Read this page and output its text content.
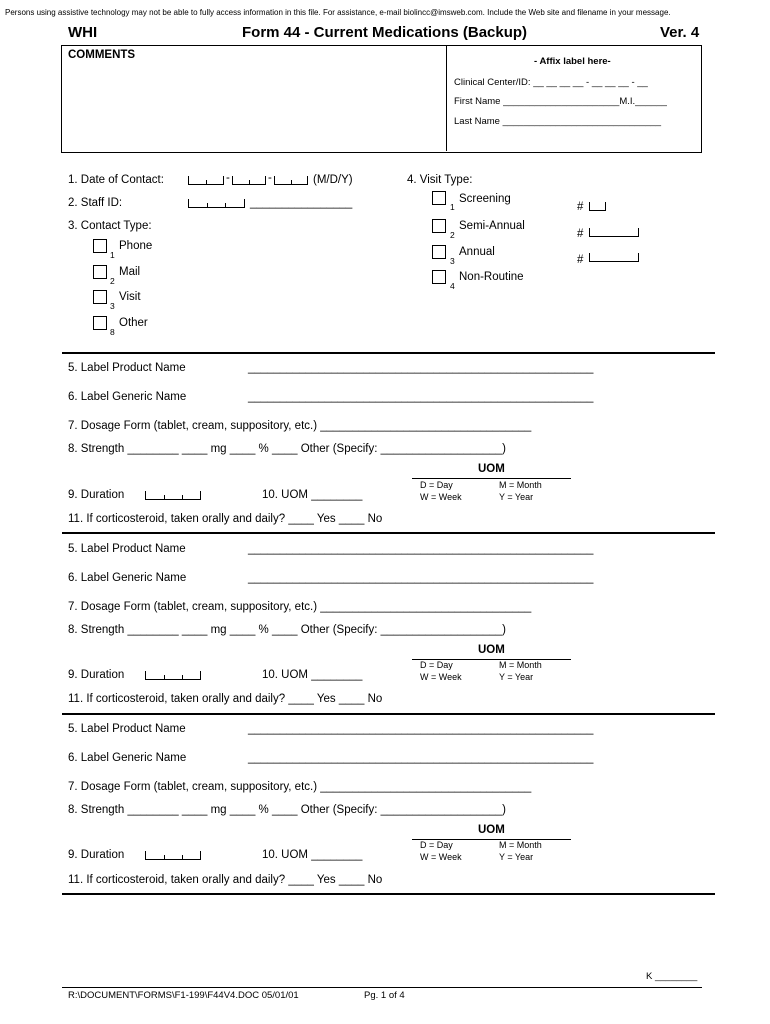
Persons using assistive technology may not be able to fully access information in this file. For assistance, e-mail biolincc@imsweb.com. Include the Web site and filename in your message.
WHI	Form 44 - Current Medications (Backup)	Ver. 4
COMMENTS
- Affix label here-
Clinical Center/ID: __ __ __ __ - __ __ __ - __
First Name ______________________M.I.______
Last Name ______________________________
1. Date of Contact:	-	-	(M/D/Y)
2. Staff ID:	________________
3. Contact Type:
1
Phone
2
Mail
3
Visit
8
Other
4. Visit Type:
1
Screening
2
Semi-Annual
3
Annual
4
Non-Routine
#
#
#
5. Label Product Name	______________________________________________________
6. Label Generic Name	______________________________________________________
7. Dosage Form (tablet, cream, suppository, etc.) _________________________________
8. Strength ________ ____ mg ____ % ____ Other (Specify: ___________________)
UOM
D = Day
W = Week
M = Month
Y = Year
9. Duration	10. UOM ________
11. If corticosteroid, taken orally and daily? ____ Yes ____ No
5. Label Product Name	______________________________________________________
6. Label Generic Name	______________________________________________________
7. Dosage Form (tablet, cream, suppository, etc.) _________________________________
8. Strength ________ ____ mg ____ % ____ Other (Specify: ___________________)
UOM
D = Day
W = Week
M = Month
Y = Year
9. Duration	10. UOM ________
11. If corticosteroid, taken orally and daily? ____ Yes ____ No
5. Label Product Name	______________________________________________________
6. Label Generic Name	______________________________________________________
7. Dosage Form (tablet, cream, suppository, etc.) _________________________________
8. Strength ________ ____ mg ____ % ____ Other (Specify: ___________________)
UOM
D = Day
W = Week
M = Month
Y = Year
9. Duration	10. UOM ________
11. If corticosteroid, taken orally and daily? ____ Yes ____ No
K ________
R:\DOCUMENT\FORMS\F1-199\F44V4.DOC 05/01/01	Pg. 1 of 4
